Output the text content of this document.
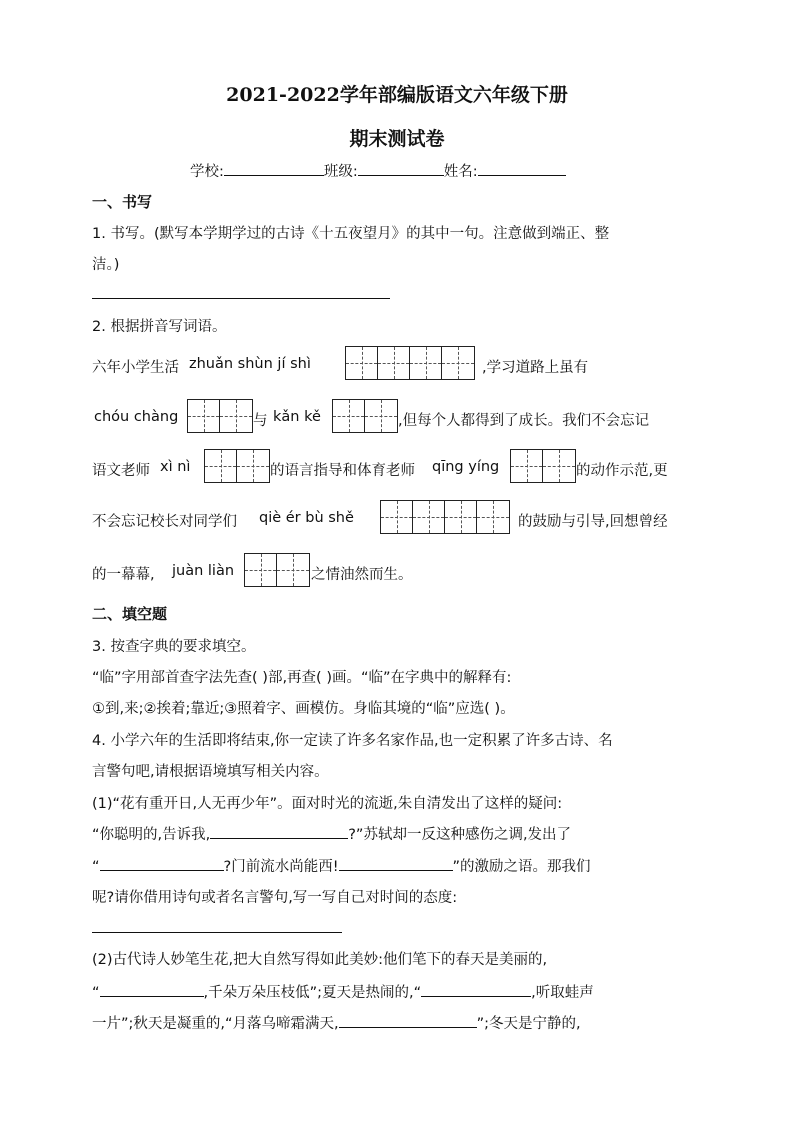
2021-2022学年部编版语文六年级下册
期末测试卷
学校:	班级:	姓名:
一、书写
1. 书写。(默写本学期学过的古诗《十五夜望月》的其中一句。注意做到端正、整
洁。)
2. 根据拼音写词语。
六年小学生活 zhuǎn shùn jí shì	,学习道路上虽有
chóu chàng	与 kǎn kě	,但每个人都得到了成长。我们不会忘记
语文老师 xì nì	的语言指导和体育老师 qīng yíng	的动作示范,更
不会忘记校长对同学们 qiè ér bù shě	的鼓励与引导,回想曾经
的一幕幕, juàn liàn	之情油然而生。
二、填空题
3. 按查字典的要求填空。
“临”字用部首查字法先查( )部,再查( )画。“临”在字典中的解释有:
①到,来;②挨着;靠近;③照着字、画模仿。身临其境的“临”应选( )。
4. 小学六年的生活即将结束,你一定读了许多名家作品,也一定积累了许多古诗、名
言警句吧,请根据语境填写相关内容。
(1)“花有重开日,人无再少年”。面对时光的流逝,朱自清发出了这样的疑问:
“你聪明的,告诉我,	?”苏轼却一反这种感伤之调,发出了
“	?门前流水尚能西!	”的激励之语。那我们
呢?请你借用诗句或者名言警句,写一写自己对时间的态度:
(2)古代诗人妙笔生花,把大自然写得如此美妙:他们笔下的春天是美丽的,
“	,千朵万朵压枝低”;夏天是热闹的,“	,听取蛙声
一片”;秋天是凝重的,“月落乌啼霜满天,	”;冬天是宁静的,
